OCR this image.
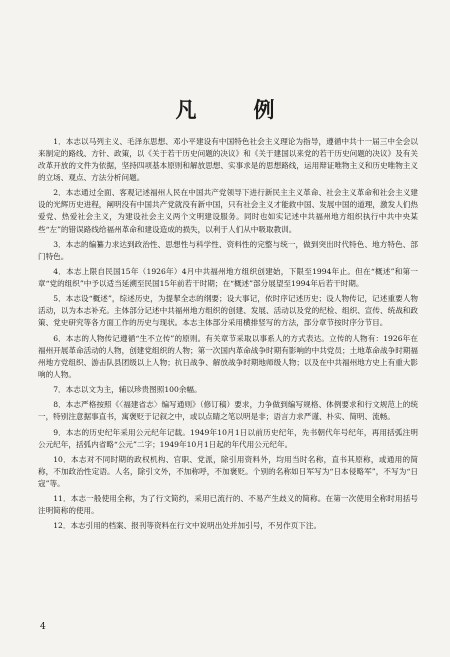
凡　例

1．本志以马列主义、毛泽东思想、邓小平建设有中国特色社会主义理论为指导，遵循中共十一届三中全会以来制定的路线、方针、政策，以《关于若干历史问题的决议》和《关于建国以来党的若干历史问题的决议》及有关改革开放的文件为依据，坚持四项基本原则和解放思想、实事求是的思想路线，运用辩证唯物主义和历史唯物主义的立场、观点、方法分析问题。

2．本志通过全面、客观记述福州人民在中国共产党领导下进行新民主主义革命、社会主义革命和社会主义建设的光辉历史进程，阐明没有中国共产党就没有新中国，只有社会主义才能救中国、发展中国的道理，激发人们热爱党、热爱社会主义，为建设社会主义两个文明建设服务。同时也如实记述中共福州地方组织执行中共中央某些“左”的错误路线给福州革命和建设造成的损失，以利于人们从中吸取教训。

3．本志的编纂力求达到政治性、思想性与科学性、资料性的完整与统一，做到突出时代特色、地方特色、部门特色。

4．本志上限自民国15年（1926年）4月中共福州地方组织创建始，下限至1994年止。但在“概述”和第一章“党的组织”中予以适当延溯至民国15年前若干时期；在“概述”部分展望至1994年后若干时期。

5．本志设“概述”，综述历史，为提挈全志的纲要；设大事记，依时序记述历史；设人物传记，记述重要人物活动，以为本志补充。主体部分记述中共福州地方组织的创建、发展、活动以及党的纪检、组织、宣传、统战和政策、党史研究等各方面工作的历史与现状。本志主体部分采用横排竖写的方法，部分章节按时序分节目。

6．本志的人物传记遵循“生不立传”的原则。有关章节采取以事系人的方式表达。立传的人物有：1926年在福州开展革命活动的人物，创建党组织的人物；第一次国内革命战争时期有影响的中共党员；土地革命战争时期福州地方党组织、游击队县团级以上人物；抗日战争、解放战争时期地师级人物；以及在中共福州地方史上有重大影响的人物。

7．本志以文为主，辅以珍贵图照100余幅。

8．本志严格按照《〈福建省志〉编写通则》（修订稿）要求，力争做到编写规格、体例要求和行文规范上的统一，特别注意据事直书，寓褒贬于记叙之中，或以点睛之笔以明是非；语言力求严谨、朴实、简明、流畅。

9．本志的历史纪年采用公元纪年记载。1949年10月1日以前历史纪年，先书朝代年号纪年，再用括弧注明公元纪年，括弧内省略“公元”二字；1949年10月1日起的年代用公元纪年。

10．本志对不同时期的政权机构、官职、党派，除引用资料外，均用当时名称，直书其原称，或通用的简称，不加政治性定语。人名，除引文外，不加称呼，不加褒贬。个别的名称如日军写为“日本侵略军”，不写为“日寇”等。

11．本志一般使用全称，为了行文简约，采用已流行的、不易产生歧义的简称。在第一次使用全称时用括号注明简称的使用。

12．本志引用的档案、报刊等资料在行文中说明出处并加引号，不另作页下注。

4
